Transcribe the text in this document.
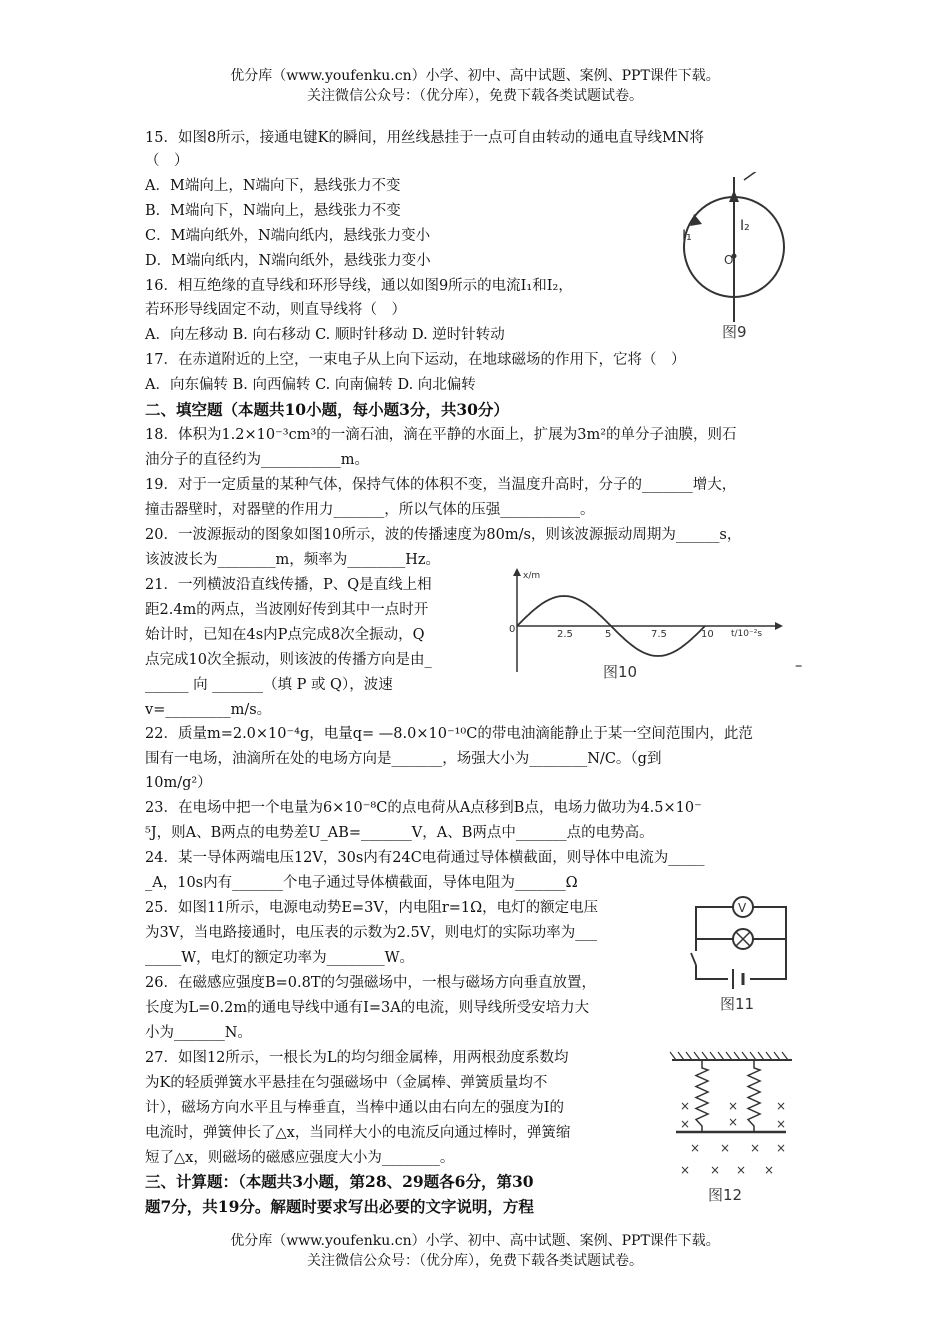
优分库（www.youfenku.cn）小学、初中、高中试题、案例、PPT课件下载。
关注微信公众号：（优分库），免费下载各类试题试卷。
15．如图8所示，接通电键K的瞬间，用丝线悬挂于一点可自由转动的通电直导线MN将
（　）
A．M端向上，N端向下，悬线张力不变
B．M端向下，N端向上，悬线张力不变
C．M端向纸外，N端向纸内，悬线张力变小
D．M端向纸内，N端向纸外，悬线张力变小
16．相互绝缘的直导线和环形导线，通以如图9所示的电流I₁和I₂，
若环形导线固定不动，则直导线将（　）
A．向左移动 B. 向右移动 C. 顺时针移动 D. 逆时针转动
17．在赤道附近的上空，一束电子从上向下运动，在地球磁场的作用下，它将（　）
A．向东偏转 B. 向西偏转 C. 向南偏转 D. 向北偏转
二、填空题（本题共10小题，每小题3分，共30分）
18．体积为1.2×10⁻³cm³的一滴石油，滴在平静的水面上，扩展为3m²的单分子油膜，则石
油分子的直径约为___________m。
19．对于一定质量的某种气体，保持气体的体积不变，当温度升高时，分子的_______增大，
撞击器壁时，对器壁的作用力_______，所以气体的压强___________。
20．一波源振动的图象如图10所示，波的传播速度为80m/s，则该波源振动周期为______s，
该波波长为________m，频率为________Hz。
21．一列横波沿直线传播，P、Q是直线上相
距2.4m的两点，当波刚好传到其中一点时开
始计时，已知在4s内P点完成8次全振动，Q
点完成10次全振动，则该波的传播方向是由_
______ 向 _______（填 P 或 Q），波速
v=_________m/s。
22．质量m=2.0×10⁻⁴g，电量q= —8.0×10⁻¹⁰C的带电油滴能静止于某一空间范围内，此范
围有一电场，油滴所在处的电场方向是_______，场强大小为________N/C。（g到
10m/g²）
23．在电场中把一个电量为6×10⁻⁸C的点电荷从A点移到B点，电场力做功为4.5×10⁻
⁵J，则A、B两点的电势差U_AB=_______V，A、B两点中_______点的电势高。
24．某一导体两端电压12V，30s内有24C电荷通过导体横截面，则导体中电流为_____
_A，10s内有_______个电子通过导体横截面，导体电阻为_______Ω
25．如图11所示，电源电动势E=3V，内电阻r=1Ω，电灯的额定电压
为3V，当电路接通时，电压表的示数为2.5V，则电灯的实际功率为___
_____W，电灯的额定功率为________W。
26．在磁感应强度B=0.8T的匀强磁场中，一根与磁场方向垂直放置，
长度为L=0.2m的通电导线中通有I=3A的电流，则导线所受安培力大
小为_______N。
27．如图12所示，一根长为L的均匀细金属棒，用两根劲度系数均
为K的轻质弹簧水平悬挂在匀强磁场中（金属棒、弹簧质量均不
计），磁场方向水平且与棒垂直，当棒中通以由右向左的强度为I的
电流时，弹簧伸长了△x，当同样大小的电流反向通过棒时，弹簧缩
短了△x，则磁场的磁感应强度大小为________。
三、计算题：（本题共3小题，第28、29题各6分，第30
题7分，共19分。解题时要求写出必要的文字说明，方程
–
I₁
I₂
O
图9
x/m
0	2.5	5	7.5	10 t/10⁻²s
图10
V
图11
× × × ×
× × × ×
×	×	×
×	×	×
图12
优分库（www.youfenku.cn）小学、初中、高中试题、案例、PPT课件下载。
关注微信公众号：（优分库），免费下载各类试题试卷。
